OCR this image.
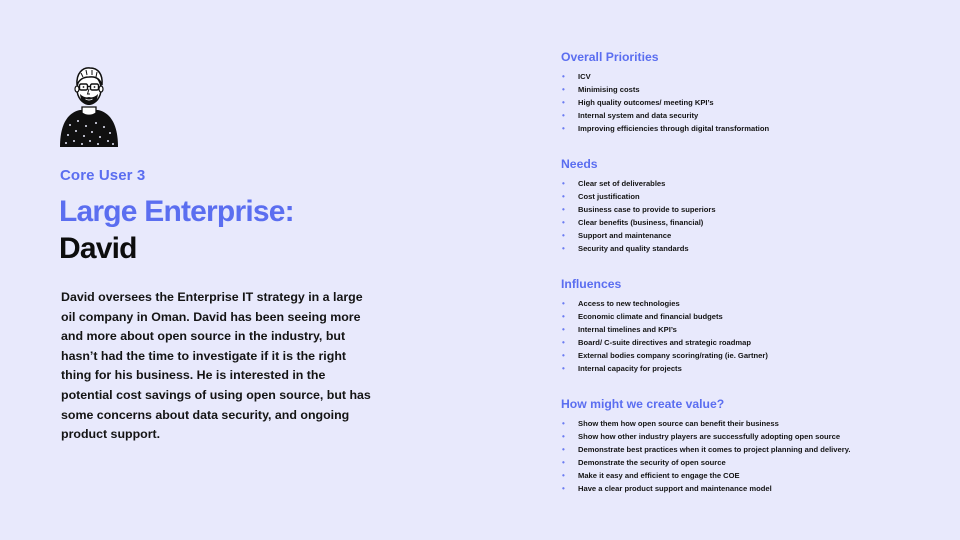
Core User 3
Large Enterprise:
David
David oversees the Enterprise IT strategy in a large oil company in Oman. David has been seeing more and more about open source in the industry, but hasn’t had the time to investigate if it is the right thing for his business. He is interested in the potential cost savings of using open source, but has some concerns about data security, and ongoing product support.
Overall Priorities
• ICV
• Minimising costs
• High quality outcomes/ meeting KPI’s
• Internal system and data security
• Improving efficiencies through digital transformation
Needs
• Clear set of deliverables
• Cost justification
• Business case to provide to superiors
• Clear benefits (business, financial)
• Support and maintenance
• Security and quality standards
Influences
• Access to new technologies
• Economic climate and financial budgets
• Internal timelines and KPI’s
• Board/ C-suite directives and strategic roadmap
• External bodies company scoring/rating (ie. Gartner)
• Internal capacity for projects
How might we create value?
• Show them how open source can benefit their business
• Show how other industry players are successfully adopting open source
• Demonstrate best practices when it comes to project planning and delivery.
• Demonstrate the security of open source
• Make it easy and efficient to engage the COE
• Have a clear product support and maintenance model
